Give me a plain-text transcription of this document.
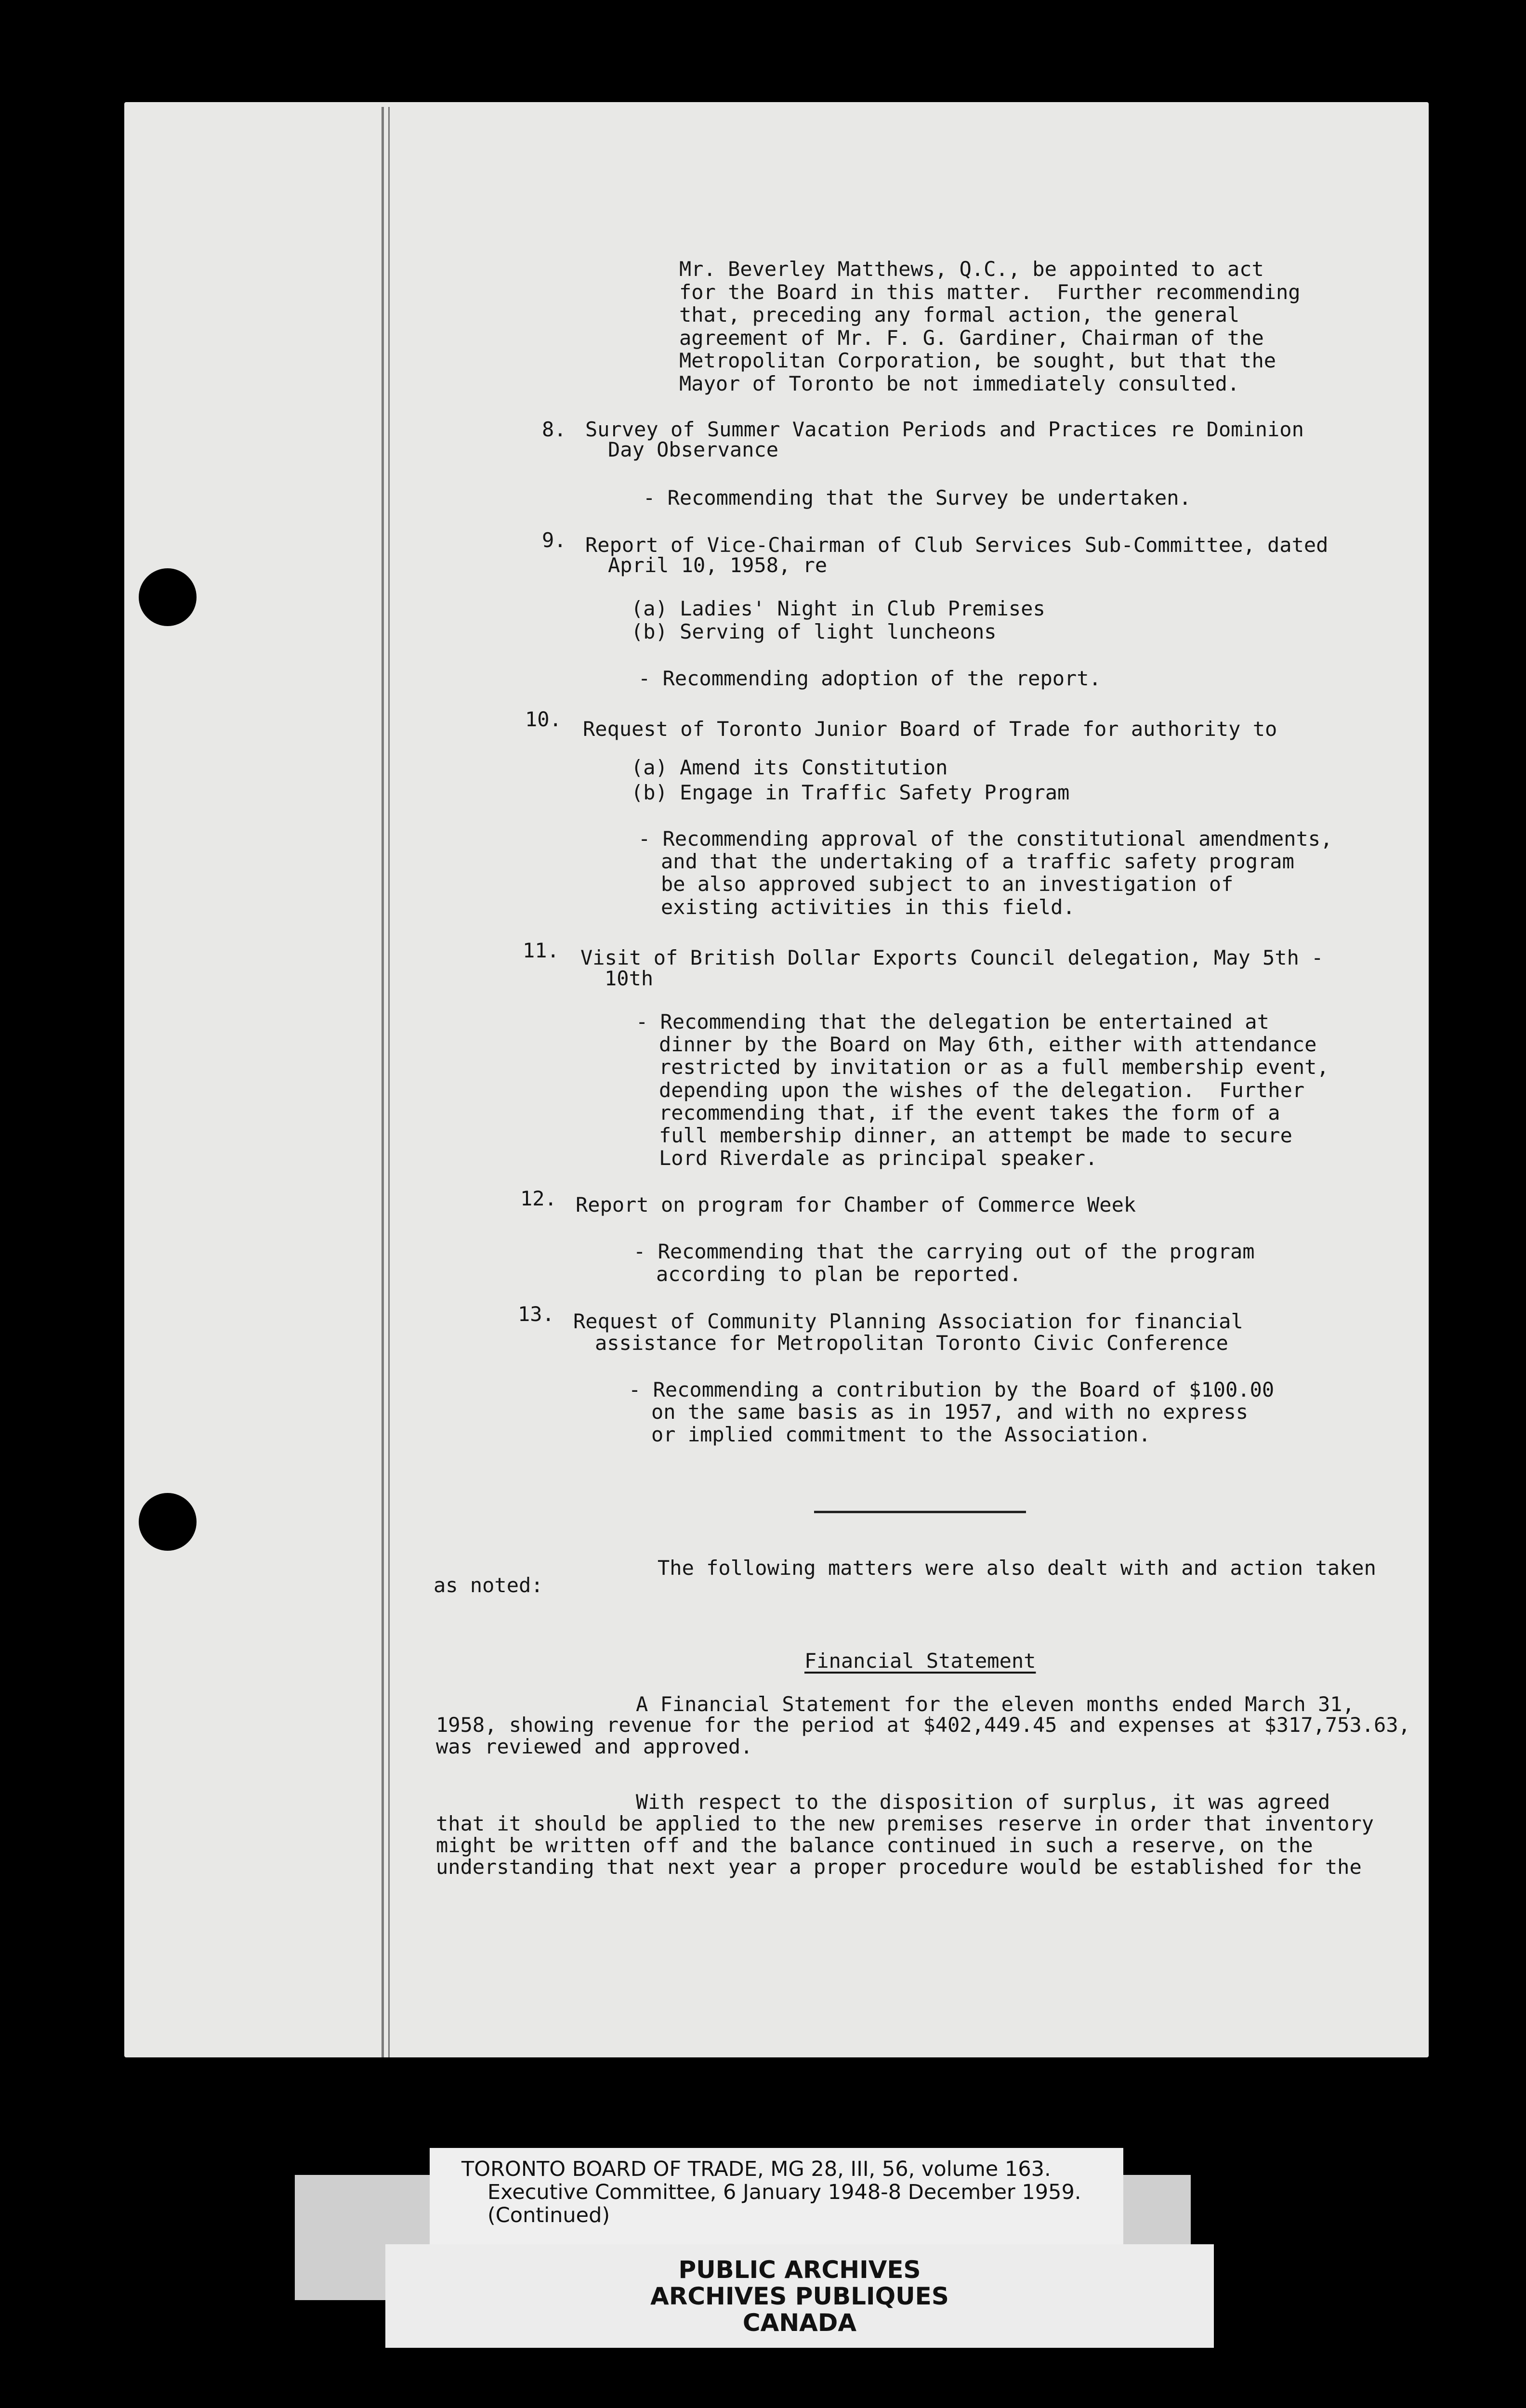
Mr. Beverley Matthews, Q.C., be appointed to act
for the Board in this matter.  Further recommending
that, preceding any formal action, the general
agreement of Mr. F. G. Gardiner, Chairman of the
Metropolitan Corporation, be sought, but that the
Mayor of Toronto be not immediately consulted.
8. Survey of Summer Vacation Periods and Practices re Dominion
Day Observance
- Recommending that the Survey be undertaken.
9. Report of Vice-Chairman of Club Services Sub-Committee, dated
April 10, 1958, re
(a) Ladies' Night in Club Premises
(b) Serving of light luncheons
- Recommending adoption of the report.
10. Request of Toronto Junior Board of Trade for authority to
(a) Amend its Constitution
(b) Engage in Traffic Safety Program
- Recommending approval of the constitutional amendments,
and that the undertaking of a traffic safety program
be also approved subject to an investigation of
existing activities in this field.
11. Visit of British Dollar Exports Council delegation, May 5th -
10th
- Recommending that the delegation be entertained at
dinner by the Board on May 6th, either with attendance
restricted by invitation or as a full membership event,
depending upon the wishes of the delegation.  Further
recommending that, if the event takes the form of a
full membership dinner, an attempt be made to secure
Lord Riverdale as principal speaker.
12. Report on program for Chamber of Commerce Week
- Recommending that the carrying out of the program
according to plan be reported.
13. Request of Community Planning Association for financial
assistance for Metropolitan Toronto Civic Conference
- Recommending a contribution by the Board of $100.00
on the same basis as in 1957, and with no express
or implied commitment to the Association.
The following matters were also dealt with and action taken
as noted:
Financial Statement
A Financial Statement for the eleven months ended March 31,
1958, showing revenue for the period at $402,449.45 and expenses at $317,753.63,
was reviewed and approved.
With respect to the disposition of surplus, it was agreed
that it should be applied to the new premises reserve in order that inventory
might be written off and the balance continued in such a reserve, on the
understanding that next year a proper procedure would be established for the
TORONTO BOARD OF TRADE, MG 28, III, 56, volume 163.
Executive Committee, 6 January 1948-8 December 1959.
(Continued)
PUBLIC ARCHIVES
ARCHIVES PUBLIQUES
CANADA
